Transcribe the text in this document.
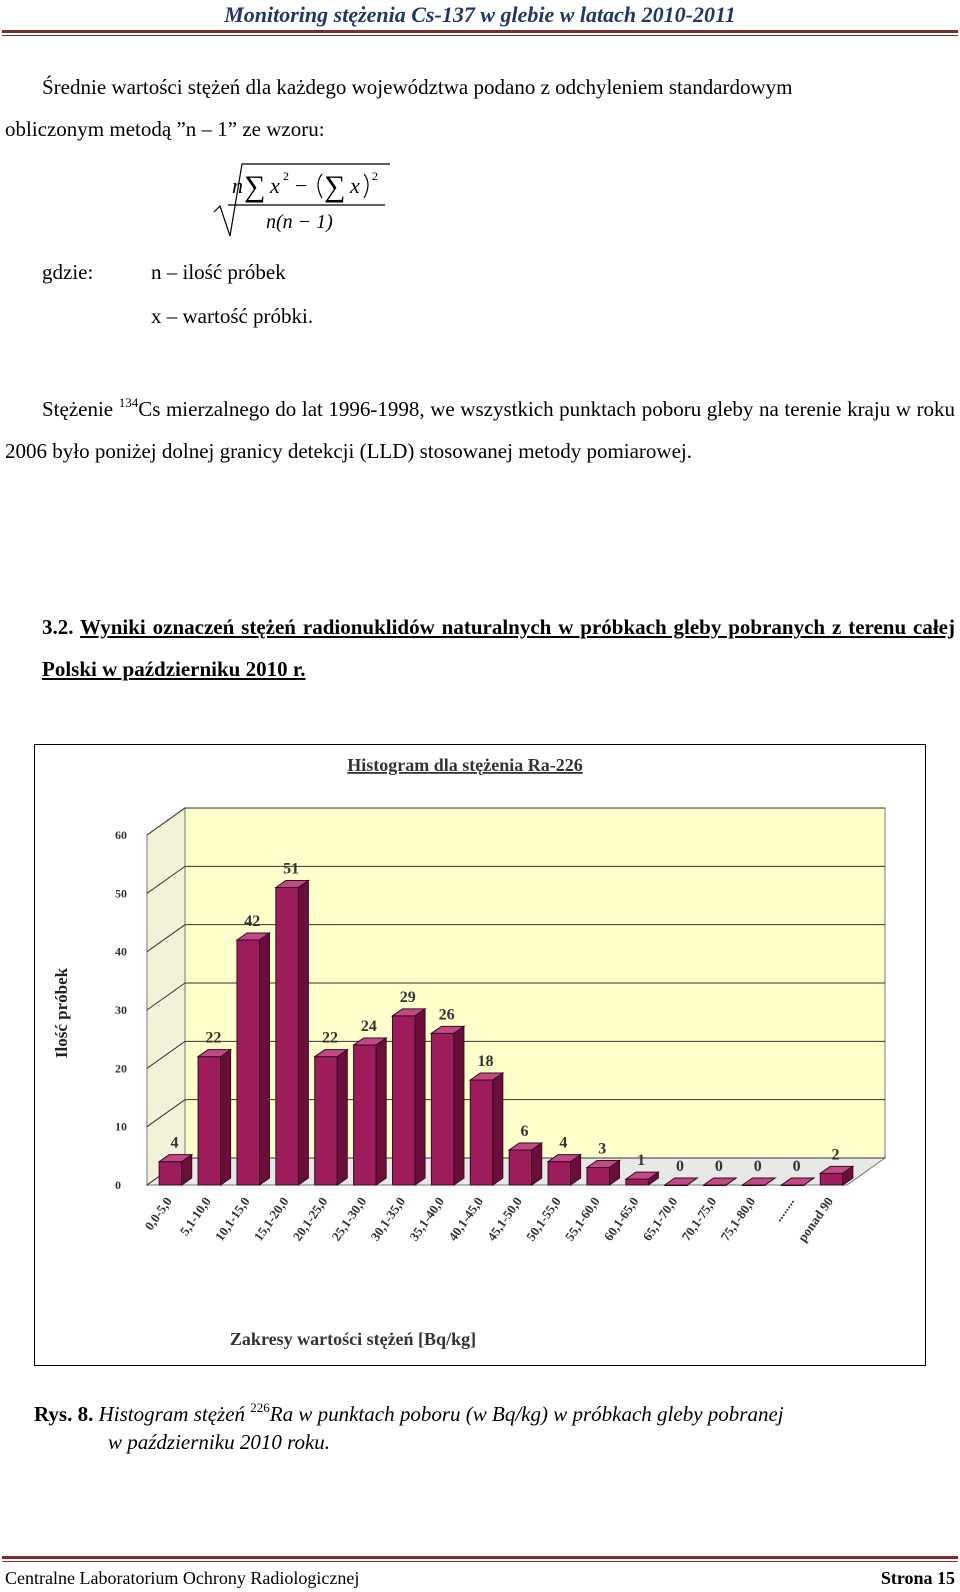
Monitoring stężenia Cs-137 w glebie w latach 2010-2011
Średnie wartości stężeń dla każdego województwa podano z odchyleniem standardowym
obliczonym metodą ”n – 1” ze wzoru:
n ∑ x 2 − ∑ x 2
n(n − 1)
gdzie:	n – ilość próbek
x – wartość próbki.
Stężenie $^{134}$Cs mierzalnego do lat 1996-1998, we wszystkich punktach poboru gleby na terenie kraju w roku 2006 było poniżej dolnej granicy detekcji (LLD) stosowanej metody pomiarowej.
3.2. Wyniki oznaczeń stężeń radionuklidów naturalnych w próbkach gleby pobranych z terenu całej Polski w październiku 2010 r.
Histogram dla stężenia Ra-226
0
10
20
30
40
50
60
4
22
42
51
22
24
29
26
18
6
4 3
1 0 0 0 0
2
0,0-5,0 5,1-10,0
10,1-15,0
15,1-20,0
20,1-25,0
25,1-30,0
30,1-35,0
35,1-40,0
40,1-45,0
45,1-50,0
50,1-55,0
55,1-60,0
60,1-65,0
65,1-70,0
70,1-75,0
75,1-80,0 ........
ponad 90
Ilość próbek
Zakresy wartości stężeń [Bq/kg]
Rys. 8. Histogram stężeń $^{226}$Ra w punktach poboru (w Bq/kg) w próbkach gleby pobranej
w październiku 2010 roku.
Centralne Laboratorium Ochrony Radiologicznej	Strona 15
